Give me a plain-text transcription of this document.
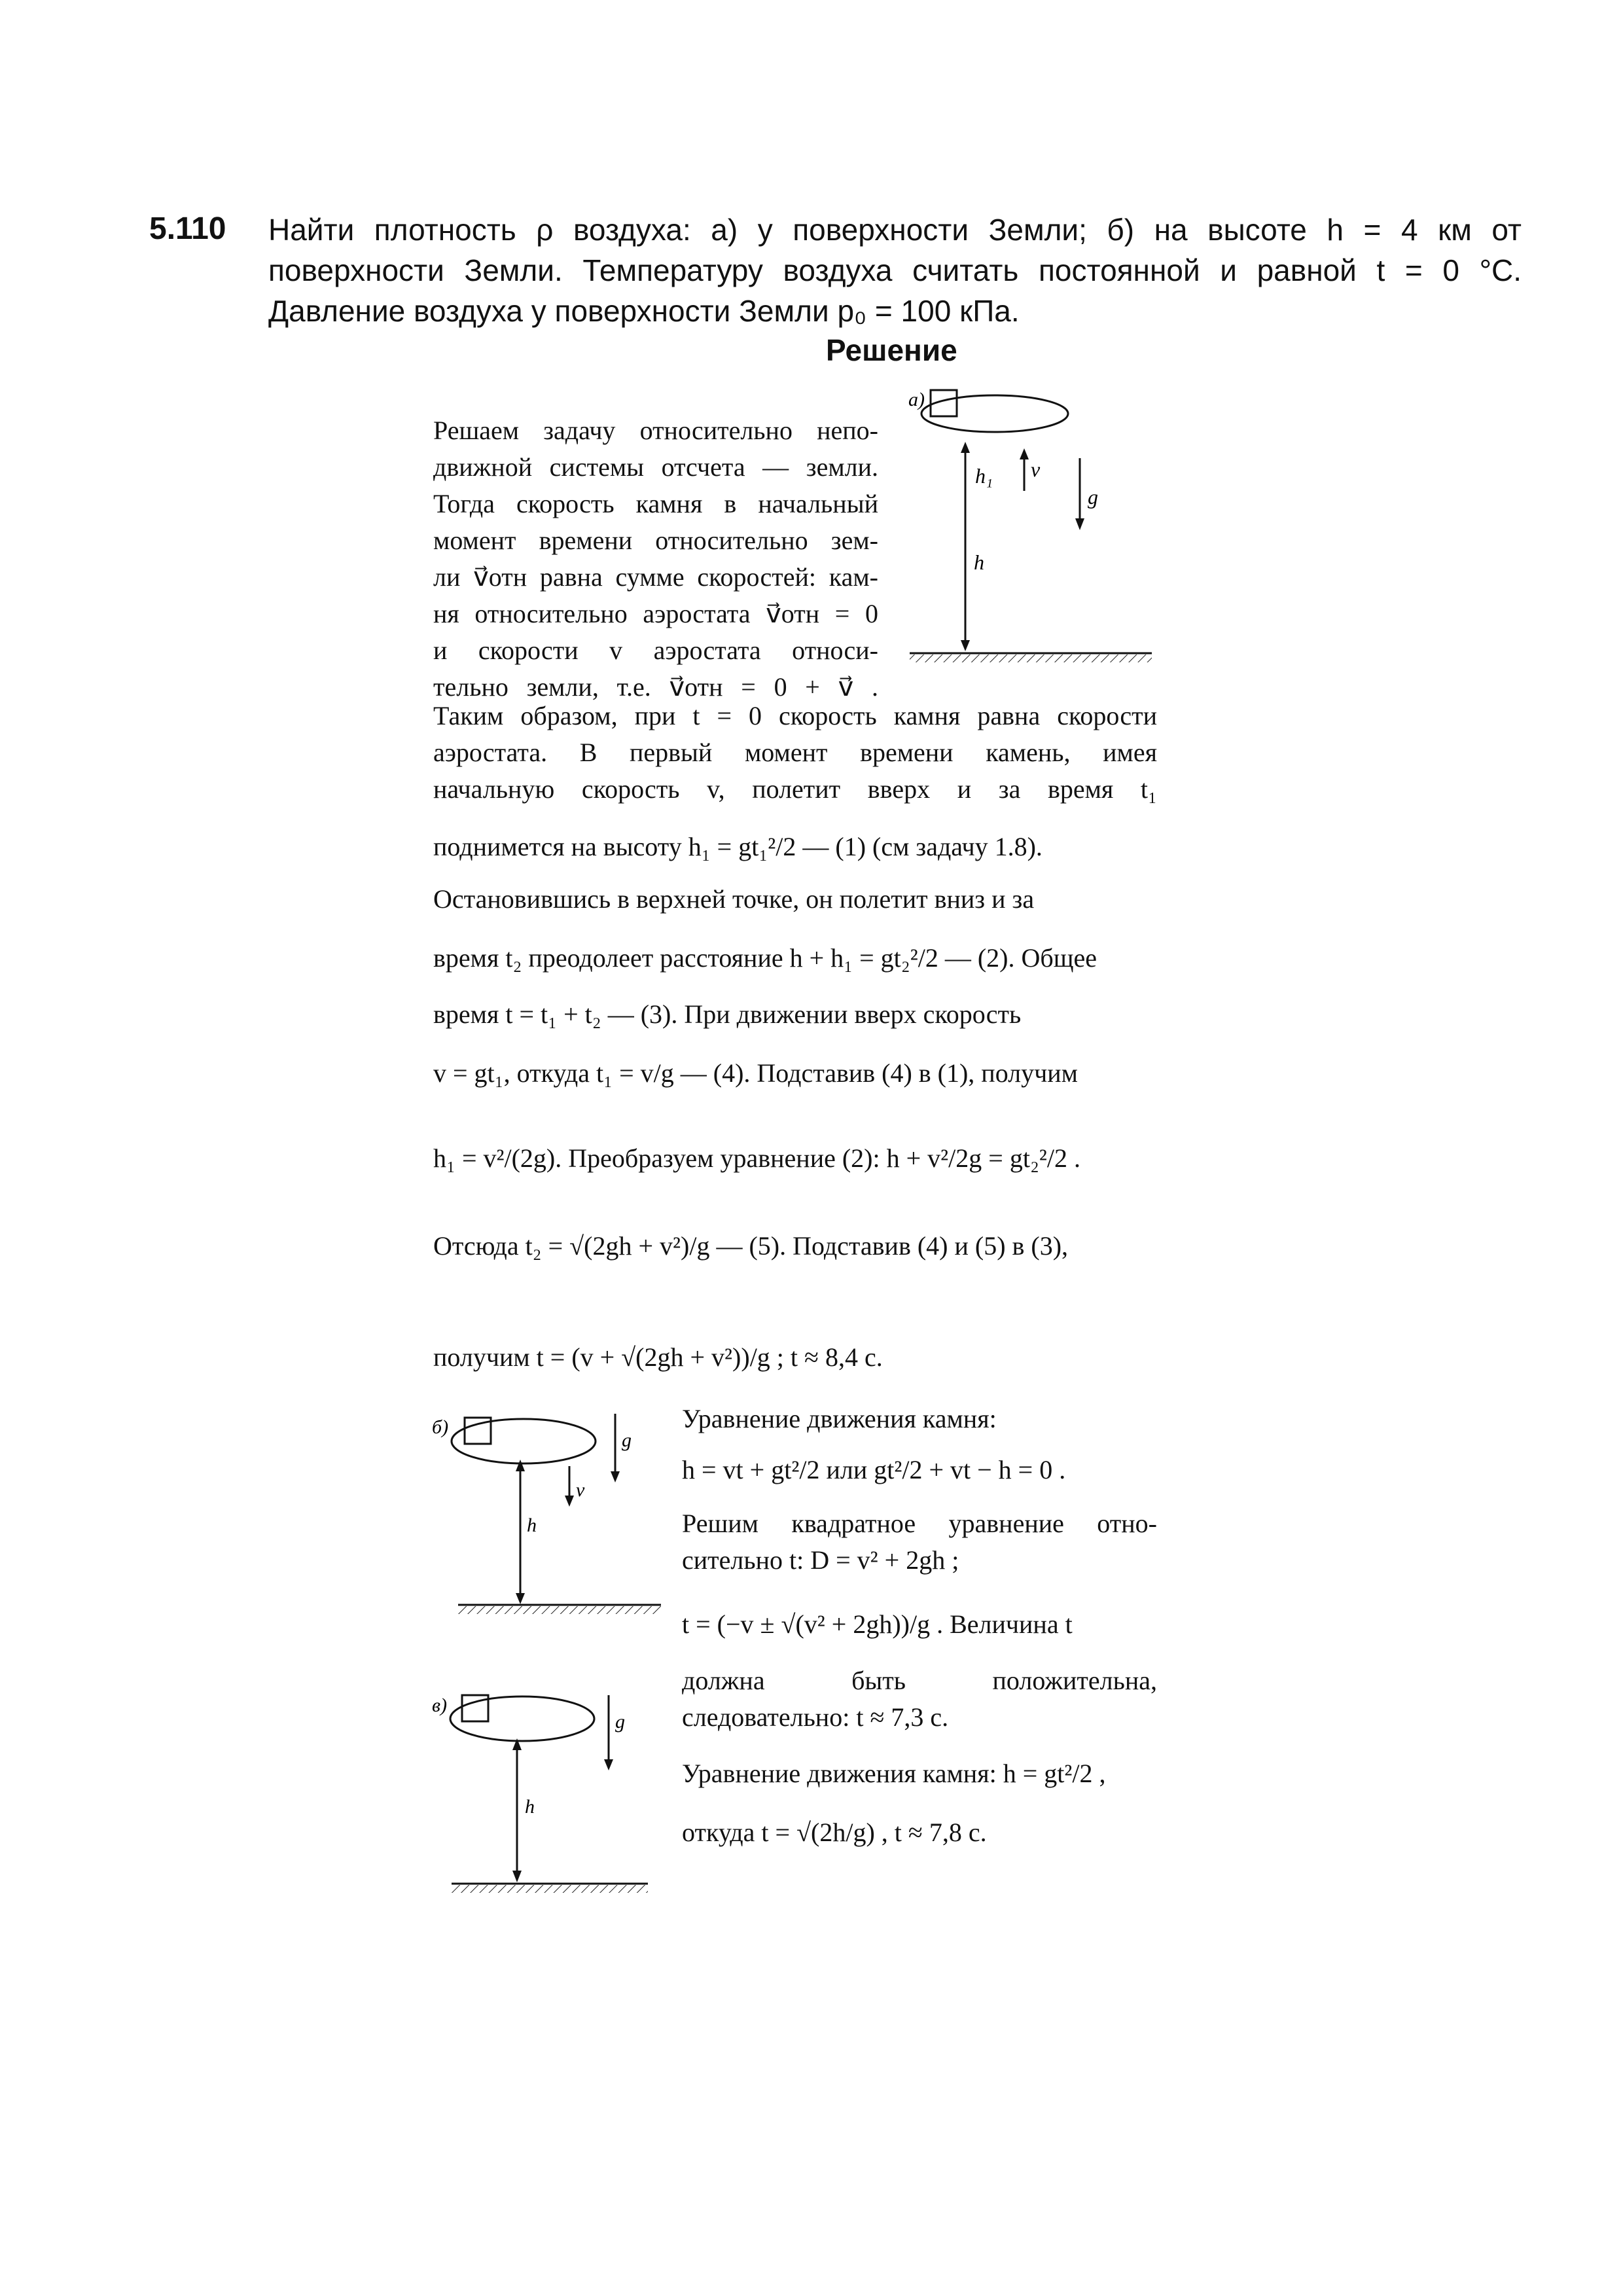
5.110 Найти плотность ρ воздуха: а) у поверхности Земли; б) на высоте h = 4 км от
поверхности Земли. Температуру воздуха считать постоянной и равной t = 0 °С.
Давление воздуха у поверхности Земли p₀ = 100 кПа.
Решение
Решаем задачу относительно непо-
движной системы отсчета — земли.
Тогда скорость камня в начальный
момент времени относительно зем-
ли v⃗отн равна сумме скоростей: кам-
ня относительно аэростата v⃗отн = 0
и скорости v аэростата относи-
тельно земли, т.е. v⃗отн = 0 + v⃗ .
Таким образом, при t = 0 скорость камня равна скорости
аэростата. В первый момент времени камень, имея
начальную скорость v, полетит вверх и за время t₁
поднимется на высоту h₁ = gt₁²/2 — (1) (см задачу 1.8).
Остановившись в верхней точке, он полетит вниз и за
время t₂ преодолеет расстояние h + h₁ = gt₂²/2 — (2). Общее
время t = t₁ + t₂ — (3). При движении вверх скорость
v = gt₁, откуда t₁ = v/g — (4). Подставив (4) в (1), получим
h₁ = v²/(2g). Преобразуем уравнение (2): h + v²/2g = gt₂²/2 .
Отсюда t₂ = √(2gh + v²)/g — (5). Подставив (4) и (5) в (3),
получим t = (v + √(2gh + v²))/g ; t ≈ 8,4 с.
Уравнение движения камня:
h = vt + gt²/2 или gt²/2 + vt − h = 0 .
Решим квадратное уравнение отно-
сительно t: D = v² + 2gh ;
t = (−v ± √(v² + 2gh))/g . Величина t
должна быть положительна,
следовательно: t ≈ 7,3 с.
Уравнение движения камня: h = gt²/2 ,
откуда t = √(2h/g) , t ≈ 7,8 с.
а)
h₁ v⃗
g⃗
h
б)
g⃗
v⃗
h
в)
g⃗
h
